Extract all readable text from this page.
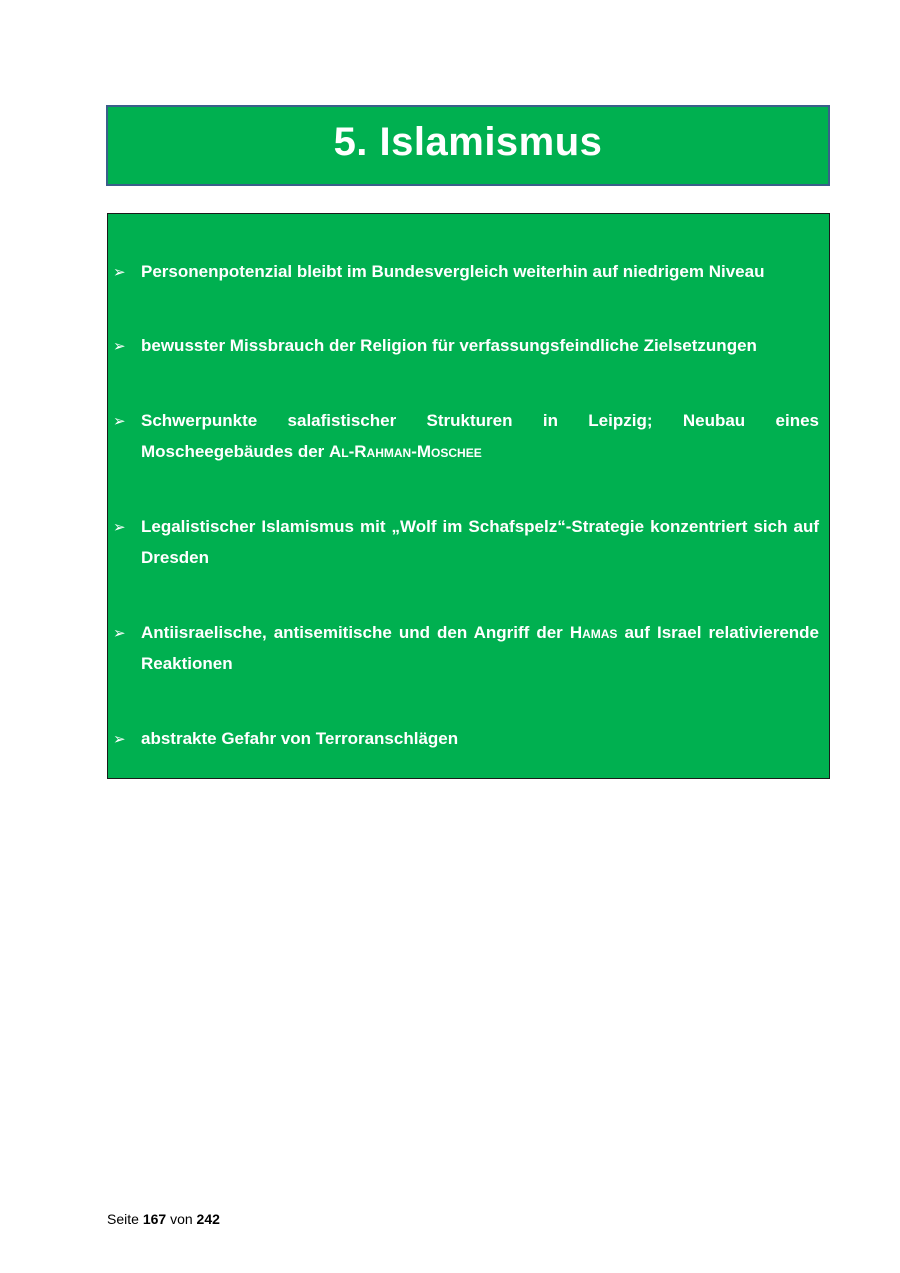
5. Islamismus
➢ Personenpotenzial bleibt im Bundesvergleich weiterhin auf niedrigem Niveau
➢ bewusster Missbrauch der Religion für verfassungsfeindliche Zielsetzungen
➢ Schwerpunkte salafistischer Strukturen in Leipzig; Neubau eines Moscheegebäudes der Al-Rahman-Moschee
➢ Legalistischer Islamismus mit „Wolf im Schafspelz“-Strategie konzentriert sich auf Dresden
➢ Antiisraelische, antisemitische und den Angriff der Hamas auf Israel relativierende Reaktionen
➢ abstrakte Gefahr von Terroranschlägen
Seite 167 von 242
